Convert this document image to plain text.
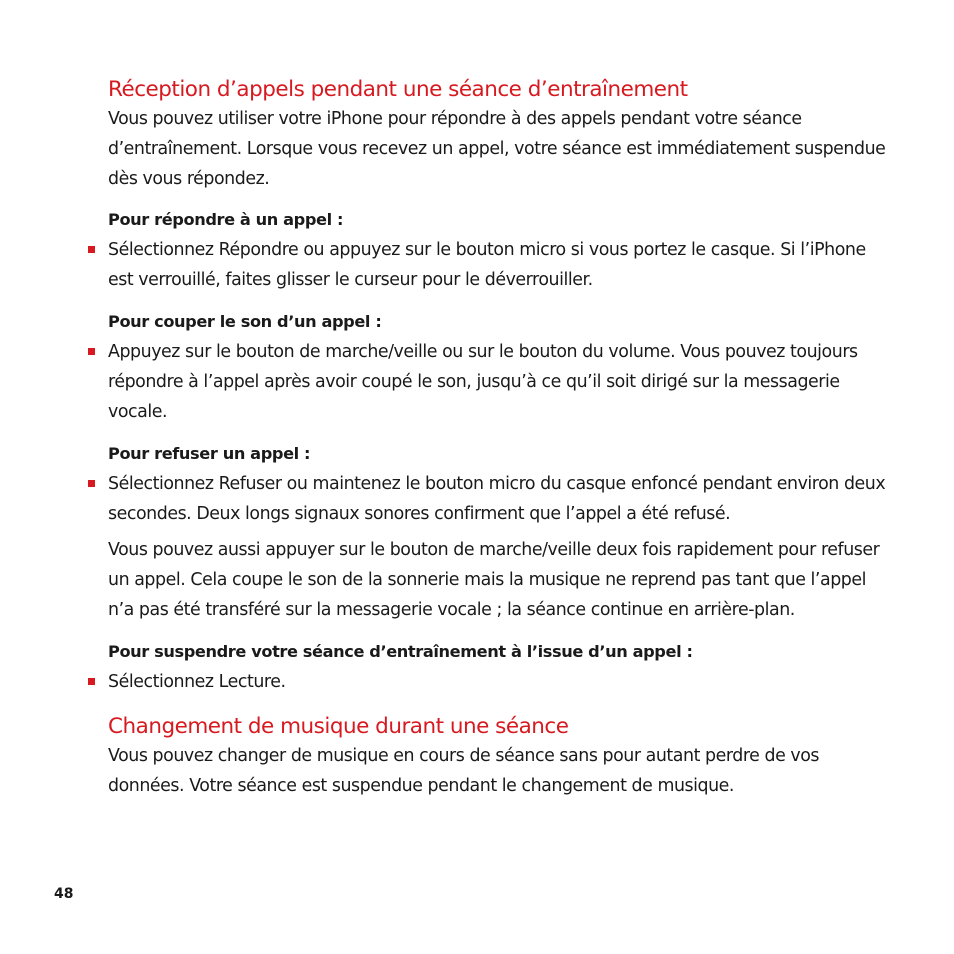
Réception d’appels pendant une séance d’entraînement

Vous pouvez utiliser votre iPhone pour répondre à des appels pendant votre séance d’entraînement. Lorsque vous recevez un appel, votre séance est immédiatement suspendue dès vous répondez.

Pour répondre à un appel :

Sélectionnez Répondre ou appuyez sur le bouton micro si vous portez le casque. Si l’iPhone est verrouillé, faites glisser le curseur pour le déverrouiller.

Pour couper le son d’un appel :

Appuyez sur le bouton de marche/veille ou sur le bouton du volume. Vous pouvez toujours répondre à l’appel après avoir coupé le son, jusqu’à ce qu’il soit dirigé sur la messagerie vocale.

Pour refuser un appel :

Sélectionnez Refuser ou maintenez le bouton micro du casque enfoncé pendant environ deux secondes. Deux longs signaux sonores confirment que l’appel a été refusé.

Vous pouvez aussi appuyer sur le bouton de marche/veille deux fois rapidement pour refuser un appel. Cela coupe le son de la sonnerie mais la musique ne reprend pas tant que l’appel n’a pas été transféré sur la messagerie vocale ; la séance continue en arrière-plan.

Pour suspendre votre séance d’entraînement à l’issue d’un appel :

Sélectionnez Lecture.

Changement de musique durant une séance

Vous pouvez changer de musique en cours de séance sans pour autant perdre de vos données. Votre séance est suspendue pendant le changement de musique.

48
